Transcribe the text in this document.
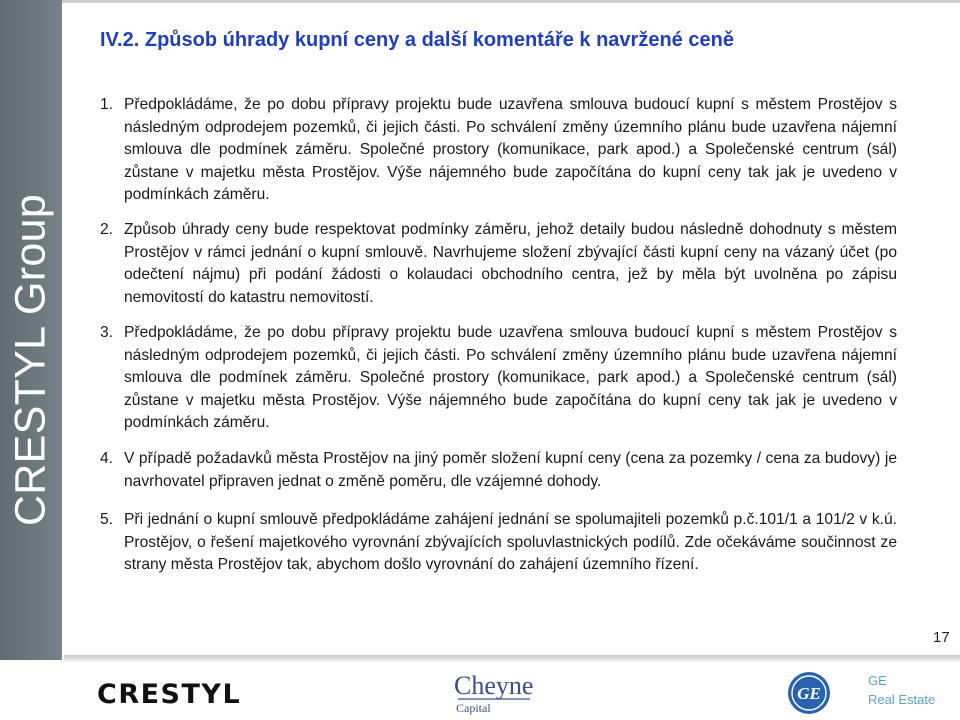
CRESTYL Group
IV.2. Způsob úhrady kupní ceny a další komentáře k navržené ceně
1. Předpokládáme, že po dobu přípravy projektu bude uzavřena smlouva budoucí kupní s městem Prostějov s následným odprodejem pozemků, či jejich části. Po schválení změny územního plánu bude uzavřena nájemní smlouva dle podmínek záměru. Společné prostory (komunikace, park apod.) a Společenské centrum (sál) zůstane v majetku města Prostějov. Výše nájemného bude započítána do kupní ceny tak jak je uvedeno v podmínkách záměru.
2. Způsob úhrady ceny bude respektovat podmínky záměru, jehož detaily budou následně dohodnuty s městem Prostějov v rámci jednání o kupní smlouvě. Navrhujeme složení zbývající části kupní ceny na vázaný účet (po odečtení nájmu) při podání žádosti o kolaudaci obchodního centra, jež by měla být uvolněna po zápisu nemovitostí do katastru nemovitostí.
3. Předpokládáme, že po dobu přípravy projektu bude uzavřena smlouva budoucí kupní s městem Prostějov s následným odprodejem pozemků, či jejich části. Po schválení změny územního plánu bude uzavřena nájemní smlouva dle podmínek záměru. Společné prostory (komunikace, park apod.) a Společenské centrum (sál) zůstane v majetku města Prostějov. Výše nájemného bude započítána do kupní ceny tak jak je uvedeno v podmínkách záměru.
4. V případě požadavků města Prostějov na jiný poměr složení kupní ceny (cena za pozemky / cena za budovy) je navrhovatel připraven jednat o změně poměru, dle vzájemné dohody.
5. Při jednání o kupní smlouvě předpokládáme zahájení jednání se spolumajiteli pozemků p.č.101/1 a 101/2 v k.ú. Prostějov, o řešení majetkového vyrovnání zbývajících spoluvlastnických podílů. Zde očekáváme součinnost ze strany města Prostějov tak, abychom došlo vyrovnání do zahájení územního řízení.
17
CRESTYL	Cheyne
Capital
GE
GE
Real Estate
